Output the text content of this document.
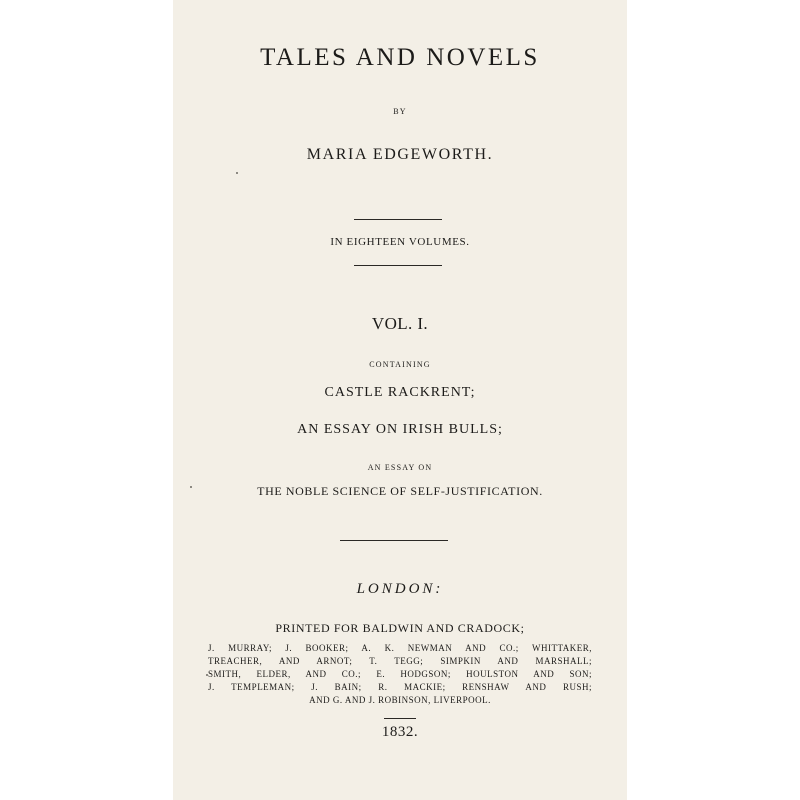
TALES AND NOVELS
BY
MARIA EDGEWORTH.
IN EIGHTEEN VOLUMES.
VOL. I.
CONTAINING
CASTLE RACKRENT;
AN ESSAY ON IRISH BULLS;
AN ESSAY ON
THE NOBLE SCIENCE OF SELF-JUSTIFICATION.
LONDON:
PRINTED FOR BALDWIN AND CRADOCK;
J. MURRAY; J. BOOKER; A. K. NEWMAN AND CO.; WHITTAKER,
TREACHER, AND ARNOT; T. TEGG; SIMPKIN AND MARSHALL;
SMITH, ELDER, AND CO.; E. HODGSON; HOULSTON AND SON;
J. TEMPLEMAN; J. BAIN; R. MACKIE; RENSHAW AND RUSH;
AND G. AND J. ROBINSON, LIVERPOOL.
1832.
